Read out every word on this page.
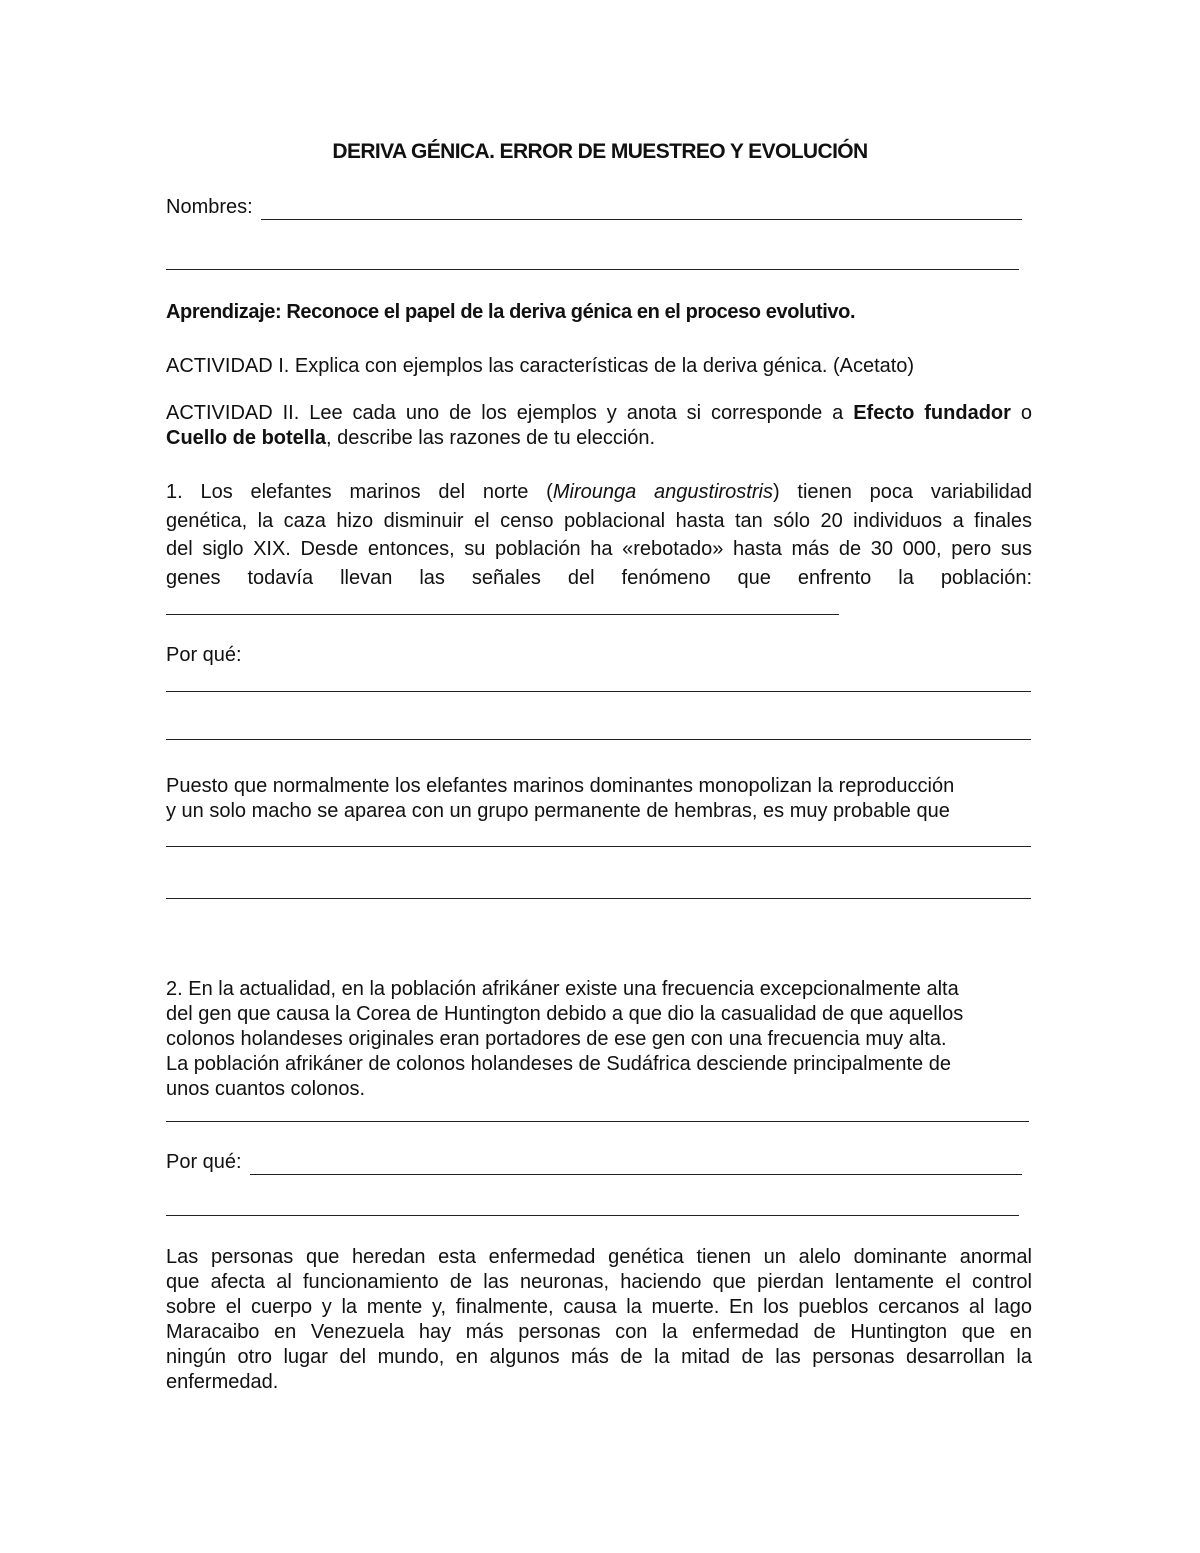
DERIVA GÉNICA. ERROR DE MUESTREO Y EVOLUCIÓN
Nombres:
Aprendizaje: Reconoce el papel de la deriva génica en el proceso evolutivo.
ACTIVIDAD I. Explica con ejemplos las características de la deriva génica. (Acetato)

ACTIVIDAD II. Lee cada uno de los ejemplos y anota si corresponde a Efecto fundador o

Cuello de botella, describe las razones de tu elección.

1. Los elefantes marinos del norte (Mirounga angustirostris) tienen poca variabilidad

genética, la caza hizo disminuir el censo poblacional hasta tan sólo 20 individuos a finales

del siglo XIX. Desde entonces, su población ha «rebotado» hasta más de 30 000, pero sus

genes todavía llevan las señales del fenómeno que enfrento la población:

Por qué:

Puesto que normalmente los elefantes marinos dominantes monopolizan la reproducción

y un solo macho se aparea con un grupo permanente de hembras, es muy probable que

2. En la actualidad, en la población afrikáner existe una frecuencia excepcionalmente alta

del gen que causa la Corea de Huntington debido a que dio la casualidad de que aquellos

colonos holandeses originales eran portadores de ese gen con una frecuencia muy alta.

La población afrikáner de colonos holandeses de Sudáfrica desciende principalmente de

unos cuantos colonos.

Por qué:

Las personas que heredan esta enfermedad genética tienen un alelo dominante anormal

que afecta al funcionamiento de las neuronas, haciendo que pierdan lentamente el control

sobre el cuerpo y la mente y, finalmente, causa la muerte. En los pueblos cercanos al lago

Maracaibo en Venezuela hay más personas con la enfermedad de Huntington que en

ningún otro lugar del mundo, en algunos más de la mitad de las personas desarrollan la

enfermedad.
